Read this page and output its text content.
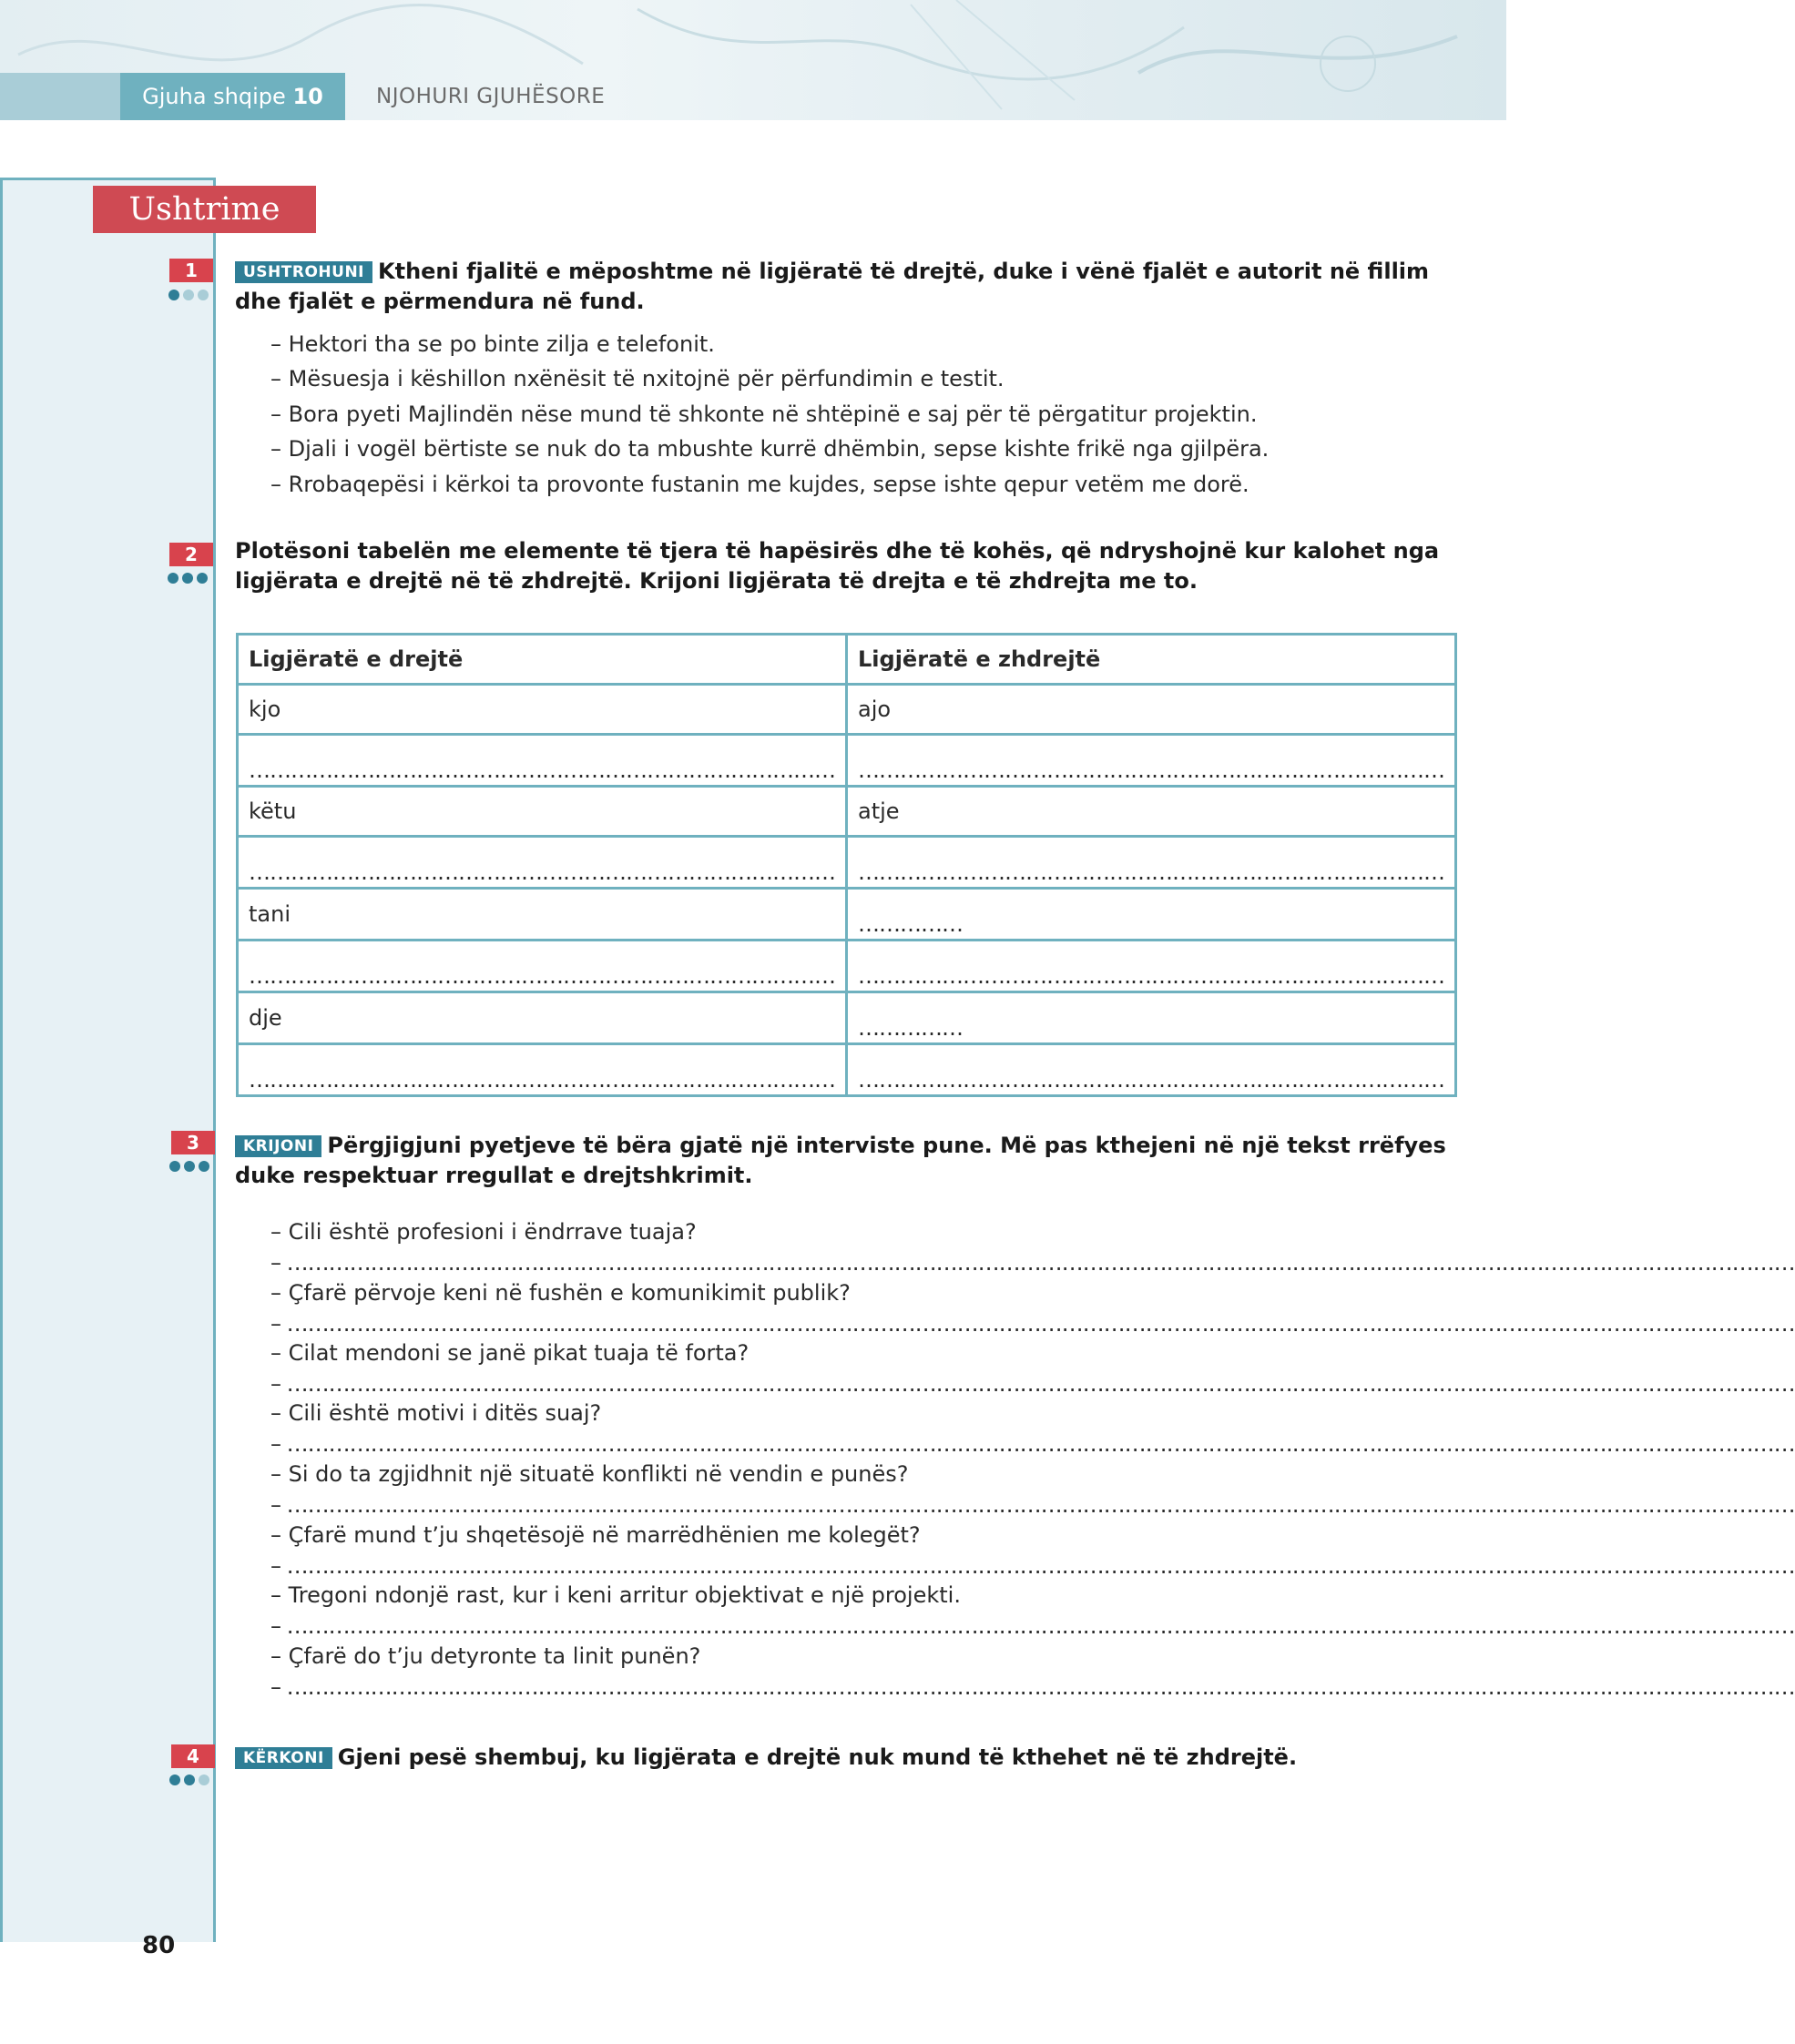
Gjuha shqipe 10	NJOHURI GJUHËSORE
Ushtrime
1	USHTROHUNI Ktheni fjalitë e mëposhtme në ligjëratë të drejtë, duke i vënë fjalët e autorit në fillim
dhe fjalët e përmendura në fund.
– Hektori tha se po binte zilja e telefonit.
– Mësuesja i këshillon nxënësit të nxitojnë për përfundimin e testit.
– Bora pyeti Majlindën nëse mund të shkonte në shtëpinë e saj për të përgatitur projektin.
– Djali i vogël bërtiste se nuk do ta mbushte kurrë dhëmbin, sepse kishte frikë nga gjilpëra.
– Rrobaqepësi i kërkoi ta provonte fustanin me kujdes, sepse ishte qepur vetëm me dorë.
2	Plotësoni tabelën me elemente të tjera të hapësirës dhe të kohës, që ndryshojnë kur kalohet nga
ligjërata e drejtë në të zhdrejtë. Krijoni ligjërata të drejta e të zhdrejta me to.
Ligjëratë e drejtë	Ligjëratë e zhdrejtë
kjo	ajo
…………………………………………………………………………	…………………………………………………………………………
këtu	atje
…………………………………………………………………………	…………………………………………………………………………
tani	……………
…………………………………………………………………………	…………………………………………………………………………
dje	……………
…………………………………………………………………………	…………………………………………………………………………
3	KRIJONI Përgjigjuni pyetjeve të bëra gjatë një interviste pune. Më pas kthejeni në një tekst rrëfyes
duke respektuar rregullat e drejtshkrimit.
– Cili është profesioni i ëndrrave tuaja?
– ………………………………………………………………………………………………………………………………………………………………………………………………
– Çfarë përvoje keni në fushën e komunikimit publik?
– ………………………………………………………………………………………………………………………………………………………………………………………………
– Cilat mendoni se janë pikat tuaja të forta?
– ………………………………………………………………………………………………………………………………………………………………………………………………
– Cili është motivi i ditës suaj?
– ………………………………………………………………………………………………………………………………………………………………………………………………
– Si do ta zgjidhnit një situatë konflikti në vendin e punës?
– ………………………………………………………………………………………………………………………………………………………………………………………………
– Çfarë mund t’ju shqetësojë në marrëdhënien me kolegët?
– ………………………………………………………………………………………………………………………………………………………………………………………………
– Tregoni ndonjë rast, kur i keni arritur objektivat e një projekti.
– ………………………………………………………………………………………………………………………………………………………………………………………………
– Çfarë do t’ju detyronte ta linit punën?
– ………………………………………………………………………………………………………………………………………………………………………………………………
4	KËRKONI Gjeni pesë shembuj, ku ligjërata e drejtë nuk mund të kthehet në të zhdrejtë.
80
